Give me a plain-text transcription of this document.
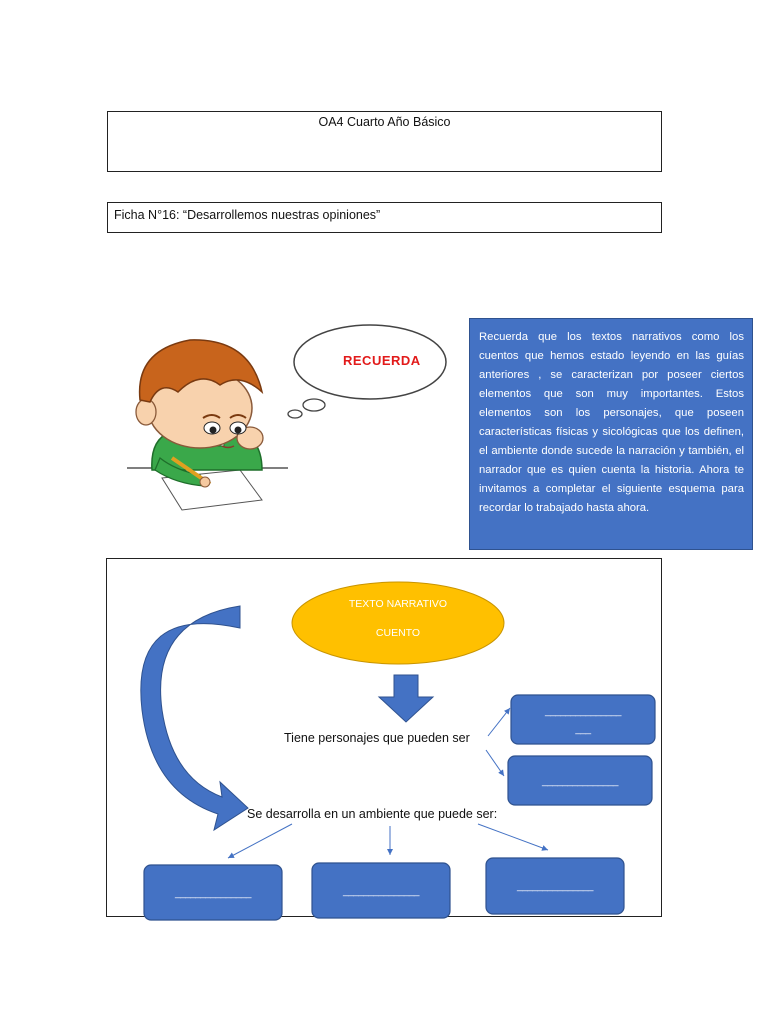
OA4 Cuarto Año Básico
Ficha N°16: “Desarrollemos nuestras opiniones”
RECUERDA
Recuerda que los textos narrativos como los cuentos que hemos estado leyendo en las guías anteriores , se caracterizan por poseer ciertos elementos que son muy importantes. Estos elementos son los personajes, que poseen características físicas y sicológicas que los definen, el ambiente donde sucede la narración y también, el narrador que es quien cuenta la historia. Ahora te invitamos a completar el siguiente esquema para recordar lo trabajado hasta ahora.
TEXTO NARRATIVO
CUENTO
Tiene personajes que pueden ser
Se desarrolla en un ambiente que puede ser:
_______________
___
_______________
_______________	_______________	_______________
